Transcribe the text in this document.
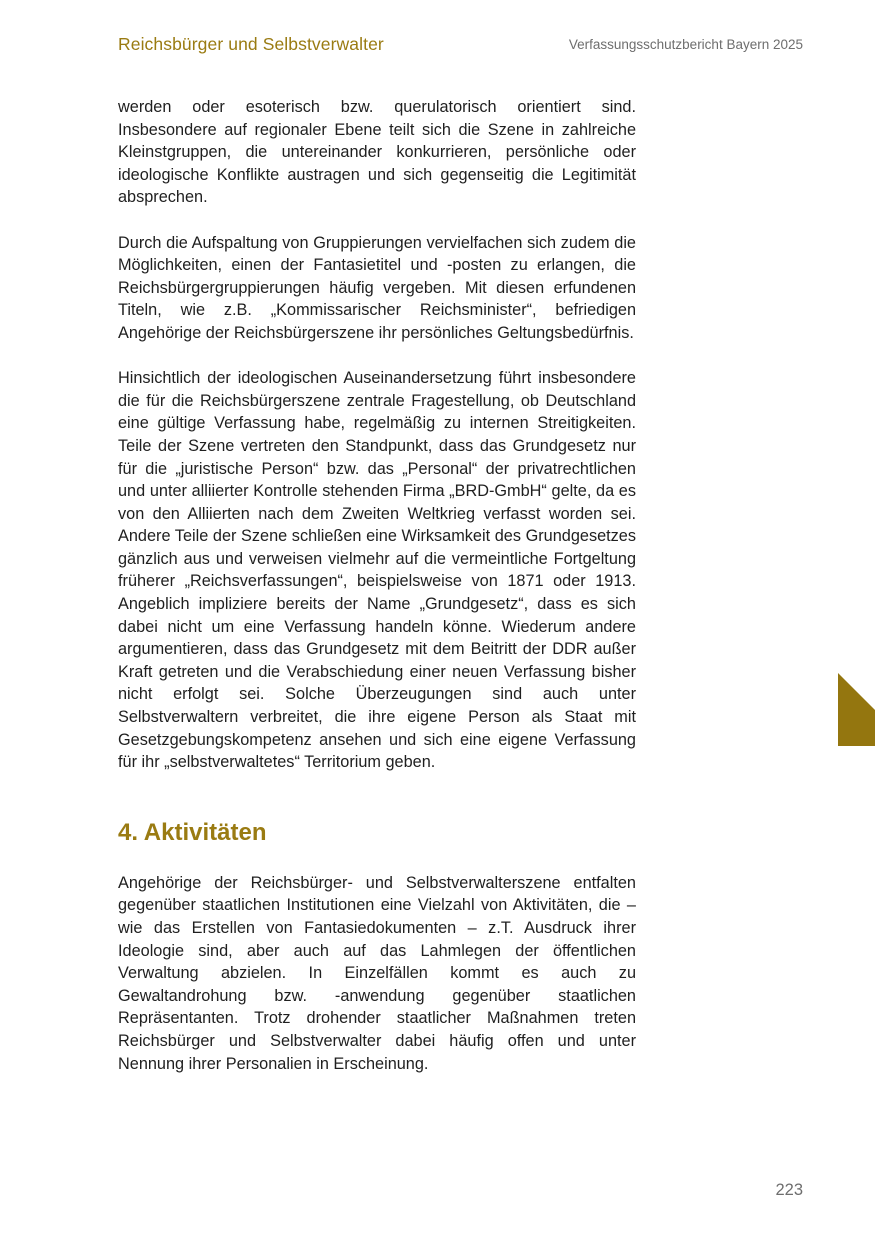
Reichsbürger und Selbstverwalter	Verfassungsschutzbericht Bayern 2025

werden oder esoterisch bzw. querulatorisch orientiert sind. Insbesondere auf regionaler Ebene teilt sich die Szene in zahlreiche Kleinstgruppen, die untereinander konkurrieren, persönliche oder ideologische Konflikte austragen und sich gegenseitig die Legitimität absprechen.

Durch die Aufspaltung von Gruppierungen vervielfachen sich zudem die Möglichkeiten, einen der Fantasietitel und -posten zu erlangen, die Reichsbürgergruppierungen häufig vergeben. Mit diesen erfundenen Titeln, wie z.B. „Kommissarischer Reichsminister“, befriedigen Angehörige der Reichsbürgerszene ihr persönliches Geltungsbedürfnis.

Hinsichtlich der ideologischen Auseinandersetzung führt insbesondere die für die Reichsbürgerszene zentrale Fragestellung, ob Deutschland eine gültige Verfassung habe, regelmäßig zu internen Streitigkeiten. Teile der Szene vertreten den Standpunkt, dass das Grundgesetz nur für die „juristische Person“ bzw. das „Personal“ der privatrechtlichen und unter alliierter Kontrolle stehenden Firma „BRD-GmbH“ gelte, da es von den Alliierten nach dem Zweiten Weltkrieg verfasst worden sei. Andere Teile der Szene schließen eine Wirksamkeit des Grundgesetzes gänzlich aus und verweisen vielmehr auf die vermeintliche Fortgeltung früherer „Reichsverfassungen“, beispielsweise von 1871 oder 1913. Angeblich impliziere bereits der Name „Grundgesetz“, dass es sich dabei nicht um eine Verfassung handeln könne. Wiederum andere argumentieren, dass das Grundgesetz mit dem Beitritt der DDR außer Kraft getreten und die Verabschiedung einer neuen Verfassung bisher nicht erfolgt sei. Solche Überzeugungen sind auch unter Selbstverwaltern verbreitet, die ihre eigene Person als Staat mit Gesetzgebungskompetenz ansehen und sich eine eigene Verfassung für ihr „selbstverwaltetes“ Territorium geben.

4. Aktivitäten

Angehörige der Reichsbürger- und Selbstverwalterszene entfalten gegenüber staatlichen Institutionen eine Vielzahl von Aktivitäten, die – wie das Erstellen von Fantasiedokumenten – z.T. Ausdruck ihrer Ideologie sind, aber auch auf das Lahmlegen der öffentlichen Verwaltung abzielen. In Einzelfällen kommt es auch zu Gewaltandrohung bzw. -anwendung gegenüber staatlichen Repräsentanten. Trotz drohender staatlicher Maßnahmen treten Reichsbürger und Selbstverwalter dabei häufig offen und unter Nennung ihrer Personalien in Erscheinung.

223
